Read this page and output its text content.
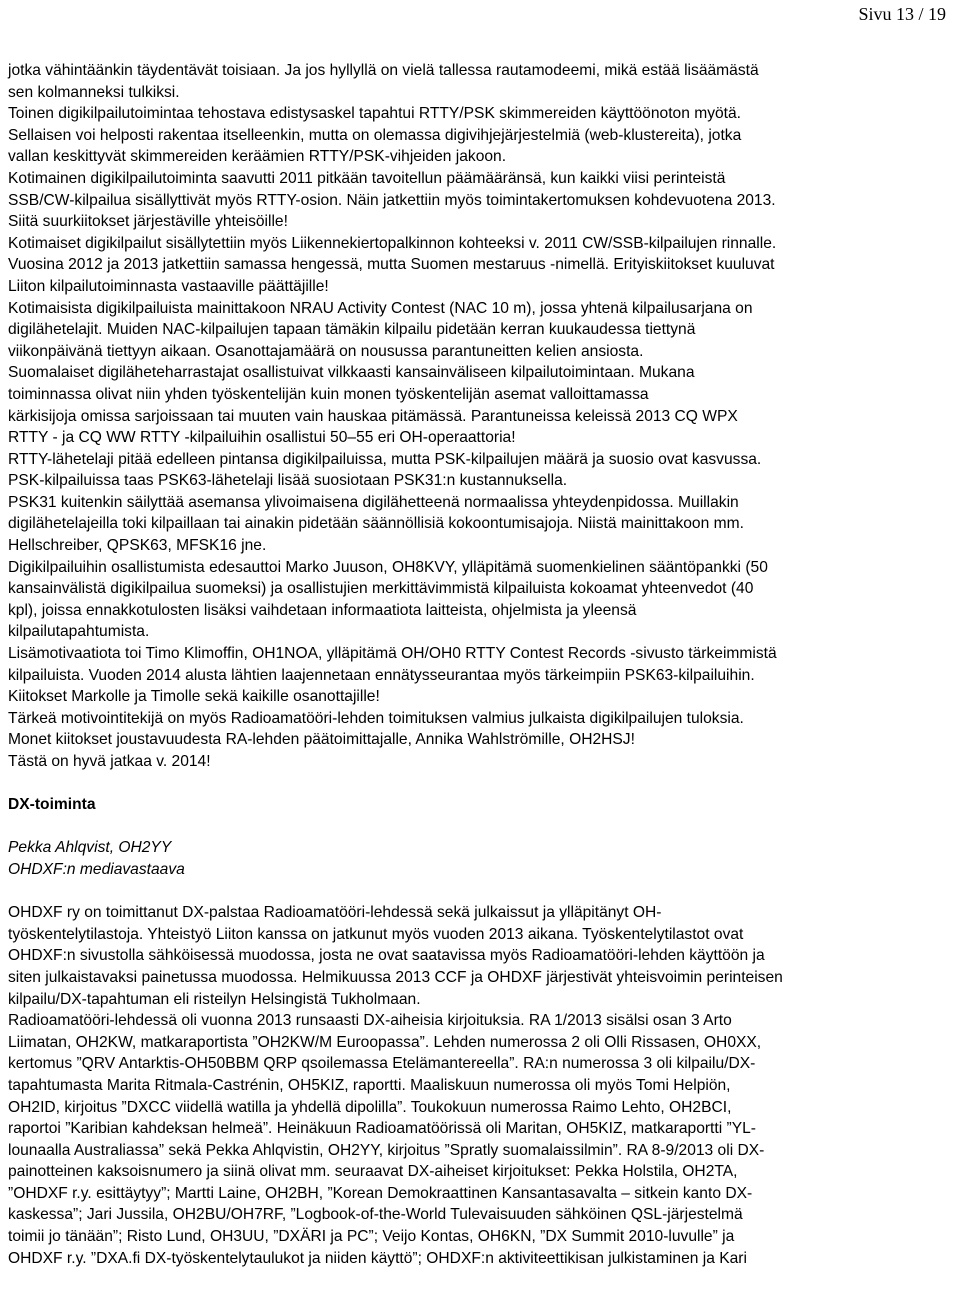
Sivu 13 / 19
jotka vähintäänkin täydentävät toisiaan. Ja jos hyllyllä on vielä tallessa rautamodeemi, mikä estää lisäämästä
sen kolmanneksi tulkiksi.
Toinen digikilpailutoimintaa tehostava edistysaskel tapahtui RTTY/PSK skimmereiden käyttöönoton myötä.
Sellaisen voi helposti rakentaa itselleenkin, mutta on olemassa digivihjejärjestelmiä (web-klustereita), jotka
vallan keskittyvät skimmereiden keräämien RTTY/PSK-vihjeiden jakoon.
Kotimainen digikilpailutoiminta saavutti 2011 pitkään tavoitellun päämääränsä, kun kaikki viisi perinteistä
SSB/CW-kilpailua sisällyttivät myös RTTY-osion. Näin jatkettiin myös toimintakertomuksen kohdevuotena 2013.
Siitä suurkiitokset järjestäville yhteisöille!
Kotimaiset digikilpailut sisällytettiin myös Liikennekiertopalkinnon kohteeksi v. 2011 CW/SSB-kilpailujen rinnalle.
Vuosina 2012 ja 2013 jatkettiin samassa hengessä, mutta Suomen mestaruus -nimellä. Erityiskiitokset kuuluvat
Liiton kilpailutoiminnasta vastaaville päättäjille!
Kotimaisista digikilpailuista mainittakoon NRAU Activity Contest (NAC 10 m), jossa yhtenä kilpailusarjana on
digilähetelajit. Muiden NAC-kilpailujen tapaan tämäkin kilpailu pidetään kerran kuukaudessa tiettynä
viikonpäivänä tiettyyn aikaan. Osanottajamäärä on nousussa parantuneitten kelien ansiosta.
Suomalaiset digiläheteharrastajat osallistuivat vilkkaasti kansainväliseen kilpailutoimintaan. Mukana
toiminnassa olivat niin yhden työskentelijän kuin monen työskentelijän asemat valloittamassa
kärkisijoja omissa sarjoissaan tai muuten vain hauskaa pitämässä. Parantuneissa keleissä 2013 CQ WPX
RTTY - ja CQ WW RTTY -kilpailuihin osallistui 50–55 eri OH-operaattoria!
RTTY-lähetelaji pitää edelleen pintansa digikilpailuissa, mutta PSK-kilpailujen määrä ja suosio ovat kasvussa.
PSK-kilpailuissa taas PSK63-lähetelaji lisää suosiotaan PSK31:n kustannuksella.
PSK31 kuitenkin säilyttää asemansa ylivoimaisena digilähetteenä normaalissa yhteydenpidossa. Muillakin
digilähetelajeilla toki kilpaillaan tai ainakin pidetään säännöllisiä kokoontumisajoja. Niistä mainittakoon mm.
Hellschreiber, QPSK63, MFSK16 jne.
Digikilpailuihin osallistumista edesauttoi Marko Juuson, OH8KVY, ylläpitämä suomenkielinen sääntöpankki (50
kansainvälistä digikilpailua suomeksi) ja osallistujien merkittävimmistä kilpailuista kokoamat yhteenvedot (40
kpl), joissa ennakkotulosten lisäksi vaihdetaan informaatiota laitteista, ohjelmista ja yleensä
kilpailutapahtumista.
Lisämotivaatiota toi Timo Klimoffin, OH1NOA, ylläpitämä OH/OH0 RTTY Contest Records -sivusto tärkeimmistä
kilpailuista. Vuoden 2014 alusta lähtien laajennetaan ennätysseurantaa myös tärkeimpiin PSK63-kilpailuihin.
Kiitokset Markolle ja Timolle sekä kaikille osanottajille!
Tärkeä motivointitekijä on myös Radioamatööri-lehden toimituksen valmius julkaista digikilpailujen tuloksia.
Monet kiitokset joustavuudesta RA-lehden päätoimittajalle, Annika Wahlströmille, OH2HSJ!
Tästä on hyvä jatkaa v. 2014!
DX-toiminta
Pekka Ahlqvist, OH2YY
OHDXF:n mediavastaava
OHDXF ry on toimittanut DX-palstaa Radioamatööri-lehdessä sekä julkaissut ja ylläpitänyt OH-
työskentelytilastoja. Yhteistyö Liiton kanssa on jatkunut myös vuoden 2013 aikana. Työskentelytilastot ovat
OHDXF:n sivustolla sähköisessä muodossa, josta ne ovat saatavissa myös Radioamatööri-lehden käyttöön ja
siten julkaistavaksi painetussa muodossa. Helmikuussa 2013 CCF ja OHDXF järjestivät yhteisvoimin perinteisen
kilpailu/DX-tapahtuman eli risteilyn Helsingistä Tukholmaan.
Radioamatööri-lehdessä oli vuonna 2013 runsaasti DX-aiheisia kirjoituksia. RA 1/2013 sisälsi osan 3 Arto
Liimatan, OH2KW, matkaraportista ”OH2KW/M Euroopassa”. Lehden numerossa 2 oli Olli Rissasen, OH0XX,
kertomus ”QRV Antarktis-OH50BBM QRP qsoilemassa Etelämantereella”. RA:n numerossa 3 oli kilpailu/DX-
tapahtumasta Marita Ritmala-Castrénin, OH5KIZ, raportti. Maaliskuun numerossa oli myös Tomi Helpiön,
OH2ID, kirjoitus ”DXCC viidellä watilla ja yhdellä dipolilla”. Toukokuun numerossa Raimo Lehto, OH2BCI,
raportoi ”Karibian kahdeksan helmeä”. Heinäkuun Radioamatöörissä oli Maritan, OH5KIZ, matkaraportti ”YL-
lounaalla Australiassa” sekä Pekka Ahlqvistin, OH2YY, kirjoitus ”Spratly suomalaissilmin”. RA 8-9/2013 oli DX-
painotteinen kaksoisnumero ja siinä olivat mm. seuraavat DX-aiheiset kirjoitukset: Pekka Holstila, OH2TA,
”OHDXF r.y. esittäytyy”; Martti Laine, OH2BH, ”Korean Demokraattinen Kansantasavalta – sitkein kanto DX-
kaskessa”; Jari Jussila, OH2BU/OH7RF, ”Logbook-of-the-World Tulevaisuuden sähköinen QSL-järjestelmä
toimii jo tänään”; Risto Lund, OH3UU, ”DXÄRI ja PC”; Veijo Kontas, OH6KN, ”DX Summit 2010-luvulle” ja
OHDXF r.y. ”DXA.fi DX-työskentelytaulukot ja niiden käyttö”; OHDXF:n aktiviteettikisan julkistaminen ja Kari
